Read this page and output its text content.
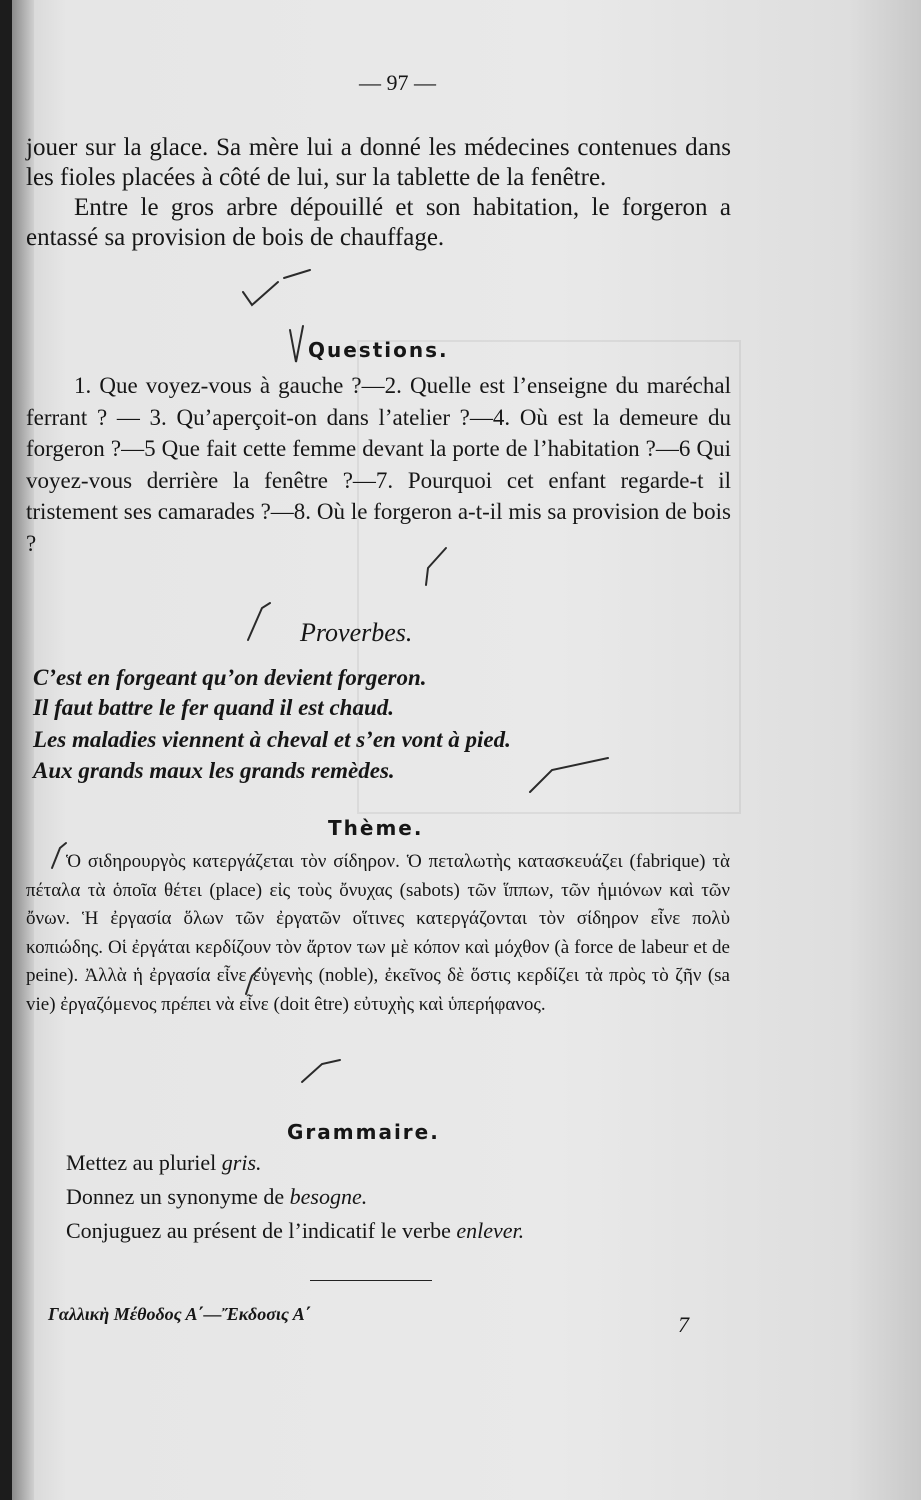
— 97 —

jouer sur la glace. Sa mère lui a donné les médecines contenues dans les fioles placées à côté de lui, sur la tablette de la fenêtre.

Entre le gros arbre dépouillé et son habitation, le forgeron a entassé sa provision de bois de chauffage.

Questions.

1. Que voyez-vous à gauche ?—2. Quelle est l’enseigne du maréchal ferrant ? — 3. Qu’aperçoit-on dans l’atelier ?—4. Où est la demeure du forgeron ?—5 Que fait cette femme devant la porte de l’habitation ?—6 Qui voyez-vous derrière la fenêtre ?—7. Pourquoi cet enfant regarde-t il tristement ses camarades ?—8. Où le forgeron a-t-il mis sa provision de bois ?

Proverbes.
C’est en forgeant qu’on devient forgeron.
Il faut battre le fer quand il est chaud.
Les maladies viennent à cheval et s’en vont à pied.
Aux grands maux les grands remèdes.
Thème.

Ὁ σιδηρουργὸς κατεργάζεται τὸν σίδηρον. Ὁ πεταλωτὴς κατασκευάζει (fabrique) τὰ πέταλα τὰ ὁποῖα θέτει (place) εἰς τοὺς ὄνυχας (sabots) τῶν ἵππων, τῶν ἡμιόνων καὶ τῶν ὄνων. Ἡ ἐργασία ὅλων τῶν ἐργατῶν οἵτινες κατεργάζονται τὸν σίδηρον εἶνε πολὺ κοπιώδης. Οἱ ἐργάται κερδίζουν τὸν ἄρτον των μὲ κόπον καὶ μόχθον (à force de labeur et de peine). Ἀλλὰ ἡ ἐργασία εἶνε εὐγενὴς (noble), ἐκεῖνος δὲ ὅστις κερδίζει τὰ πρὸς τὸ ζῆν (sa vie) ἐργαζόμενος πρέπει νὰ εἶνε (doit être) εὐτυχὴς καὶ ὑπερήφανος.

Grammaire.
Mettez au pluriel gris.
Donnez un synonyme de besogne.
Conjuguez au présent de l’indicatif le verbe enlever.
Γαλλικὴ Μέθοδος Α΄—Ἔκδοσις Α΄	7
